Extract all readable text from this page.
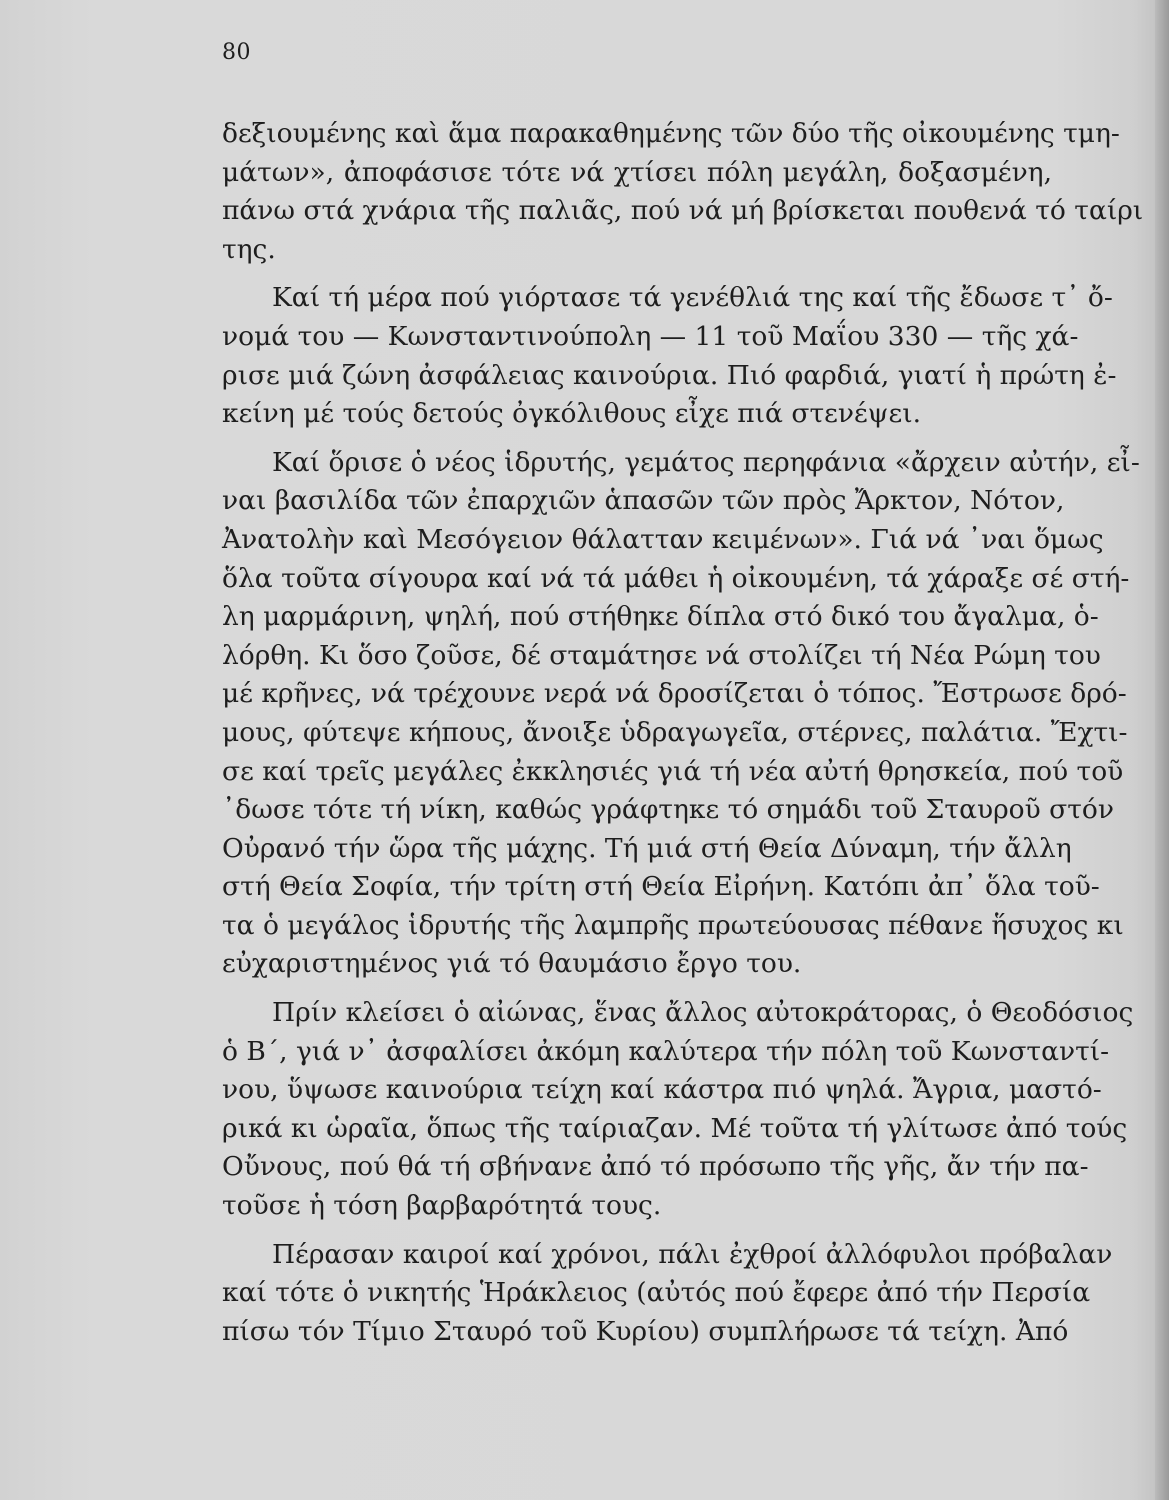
80
δεξιουμένης καὶ ἅμα παρακαθημένης τῶν δύο τῆς οἰκουμένης τμη-
μάτων», ἀποφάσισε τότε νά χτίσει πόλη μεγάλη, δοξασμένη,
πάνω στά χνάρια τῆς παλιᾶς, πού νά μή βρίσκεται πουθενά τό ταίρι
της.
Καί τή μέρα πού γιόρτασε τά γενέθλιά της καί τῆς ἔδωσε τ᾽ ὄ-
νομά του — Κωνσταντινούπολη — 11 τοῦ Μαΐου 330 — τῆς χά-
ρισε μιά ζώνη ἀσφάλειας καινούρια. Πιό φαρδιά, γιατί ἡ πρώτη ἐ-
κείνη μέ τούς δετούς ὀγκόλιθους εἶχε πιά στενέψει.
Καί ὅρισε ὁ νέος ἱδρυτής, γεμάτος περηφάνια «ἄρχειν αὐτήν, εἶ-
ναι βασιλίδα τῶν ἐπαρχιῶν ἁπασῶν τῶν πρὸς Ἄρκτον, Νότον,
Ἀνατολὴν καὶ Μεσόγειον θάλατταν κειμένων». Γιά νά ᾽ναι ὅμως
ὅλα τοῦτα σίγουρα καί νά τά μάθει ἡ οἰκουμένη, τά χάραξε σέ στή-
λη μαρμάρινη, ψηλή, πού στήθηκε δίπλα στό δικό του ἄγαλμα, ὁ-
λόρθη. Κι ὅσο ζοῦσε, δέ σταμάτησε νά στολίζει τή Νέα Ρώμη του
μέ κρῆνες, νά τρέχουνε νερά νά δροσίζεται ὁ τόπος. Ἔστρωσε δρό-
μους, φύτεψε κήπους, ἄνοιξε ὑδραγωγεῖα, στέρνες, παλάτια. Ἔχτι-
σε καί τρεῖς μεγάλες ἐκκλησιές γιά τή νέα αὐτή θρησκεία, πού τοῦ
᾽δωσε τότε τή νίκη, καθώς γράφτηκε τό σημάδι τοῦ Σταυροῦ στόν
Οὐρανό τήν ὥρα τῆς μάχης. Τή μιά στή Θεία Δύναμη, τήν ἄλλη
στή Θεία Σοφία, τήν τρίτη στή Θεία Εἰρήνη. Κατόπι ἀπ᾽ ὅλα τοῦ-
τα ὁ μεγάλος ἱδρυτής τῆς λαμπρῆς πρωτεύουσας πέθανε ἥσυχος κι
εὐχαριστημένος γιά τό θαυμάσιο ἔργο του.
Πρίν κλείσει ὁ αἰώνας, ἕνας ἄλλος αὐτοκράτορας, ὁ Θεοδόσιος
ὁ Β΄, γιά ν᾽ ἀσφαλίσει ἀκόμη καλύτερα τήν πόλη τοῦ Κωνσταντί-
νου, ὕψωσε καινούρια τείχη καί κάστρα πιό ψηλά. Ἄγρια, μαστό-
ρικά κι ὡραῖα, ὅπως τῆς ταίριαζαν. Μέ τοῦτα τή γλίτωσε ἀπό τούς
Οὔνους, πού θά τή σβήνανε ἀπό τό πρόσωπο τῆς γῆς, ἄν τήν πα-
τοῦσε ἡ τόση βαρβαρότητά τους.
Πέρασαν καιροί καί χρόνοι, πάλι ἐχθροί ἀλλόφυλοι πρόβαλαν
καί τότε ὁ νικητής Ἡράκλειος (αὐτός πού ἔφερε ἀπό τήν Περσία
πίσω τόν Τίμιο Σταυρό τοῦ Κυρίου) συμπλήρωσε τά τείχη. Ἀπό
